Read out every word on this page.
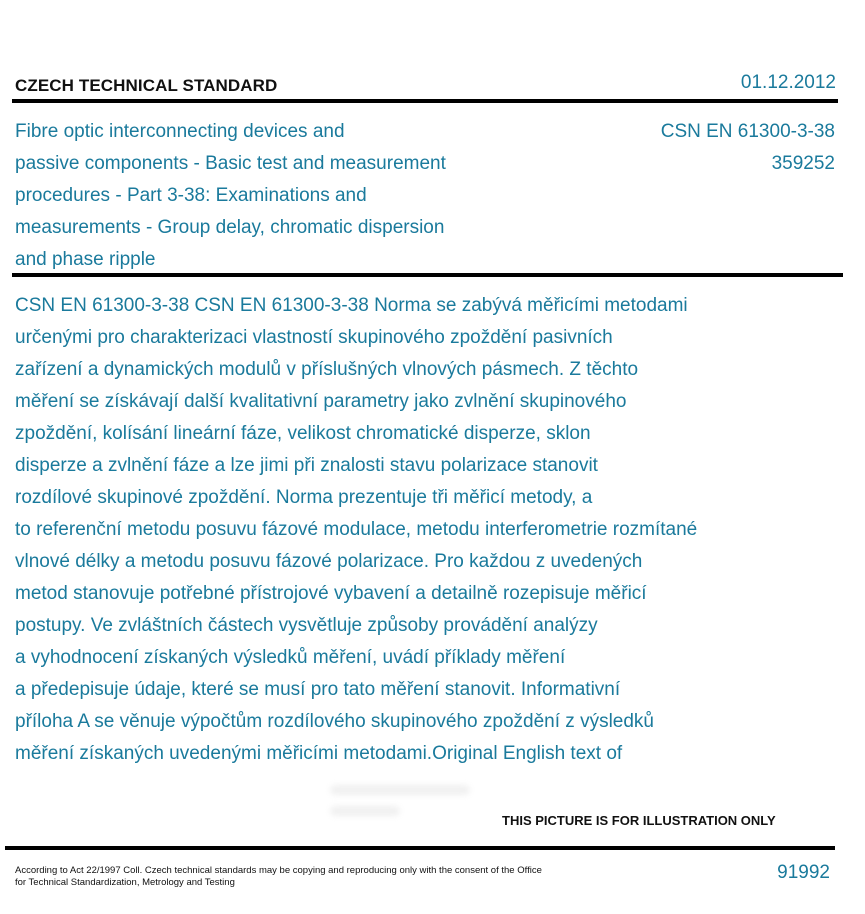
CZECH TECHNICAL STANDARD	01.12.2012
Fibre optic interconnecting devices and
passive components - Basic test and measurement
procedures - Part 3-38: Examinations and
measurements - Group delay, chromatic dispersion
and phase ripple
CSN EN 61300-3-38
359252
CSN EN 61300-3-38 CSN EN 61300-3-38 Norma se zabývá měřicími metodami
určenými pro charakterizaci vlastností skupinového zpoždění pasivních
zařízení a dynamických modulů v příslušných vlnových pásmech. Z těchto
měření se získávají další kvalitativní parametry jako zvlnění skupinového
zpoždění, kolísání lineární fáze, velikost chromatické disperze, sklon
disperze a zvlnění fáze a lze jimi při znalosti stavu polarizace stanovit
rozdílové skupinové zpoždění. Norma prezentuje tři měřicí metody, a
to referenční metodu posuvu fázové modulace, metodu interferometrie rozmítané
vlnové délky a metodu posuvu fázové polarizace. Pro každou z uvedených
metod stanovuje potřebné přístrojové vybavení a detailně rozepisuje měřicí
postupy. Ve zvláštních částech vysvětluje způsoby provádění analýzy
a vyhodnocení získaných výsledků měření, uvádí příklady měření
a předepisuje údaje, které se musí pro tato měření stanovit. Informativní
příloha A se věnuje výpočtům rozdílového skupinového zpoždění z výsledků
měření získaných uvedenými měřicími metodami.Original English text of
THIS PICTURE IS FOR ILLUSTRATION ONLY
According to Act 22/1997 Coll. Czech technical standards may be copying and reproducing only with the consent of the Office
for Technical Standardization, Metrology and Testing	91992
